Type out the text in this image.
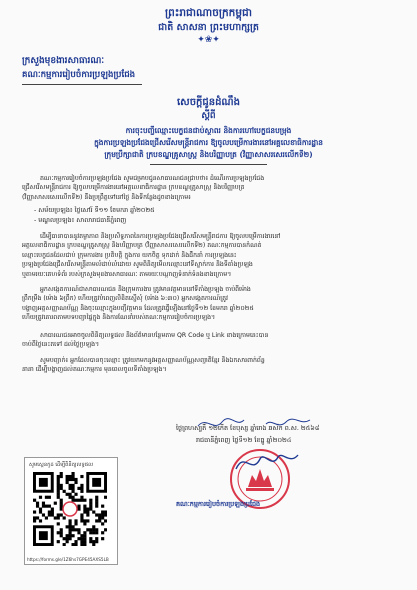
ព្រះរាជាណាចក្រកម្ពុជា
ជាតិ សាសនា ព្រះមហាក្សត្រ
✦❀✦
ក្រសួងមុខងារសាធារណៈ
គណៈកម្មការរៀបចំការប្រឡងប្រជែង
សេចក្តីជូនដំណឹង
ស្តីពី
ការចុះបញ្ជីឈ្មោះបេក្ខជនជាប់ស្ថាពរ និងការហៅបេក្ខជនបម្រុង
ក្នុងការប្រឡងប្រជែងជ្រើសរើសមន្ត្រីរាជការ ឱ្យចូលបម្រើការងារនៅអគ្គលេខាធិការដ្ឋាន
ក្រុមប្រឹក្សាជាតិ ក្របខណ្ឌគ្រូសាស្ត្រ និងបរិញ្ញាបត្រ (វិញ្ញាសាសរសេរលើកទី២)

គណៈកម្មការរៀបចំការប្រឡងប្រជែង សូមជម្រាបជូនសាធារណជនជ្រាបថា៖ ដំណើរការប្រឡងប្រជែង

ជ្រើសរើសមន្ត្រីរាជការ ឱ្យចូលបម្រើការងារនៅអគ្គលេខាធិការដ្ឋាន ក្របខណ្ឌគ្រូសាស្ត្រ និងបរិញ្ញាបត្រ

(វិញ្ញាសាសរសេរលើកទី២) នឹងប្រព្រឹត្តទៅនៅថ្ងៃ និងទីកន្លែងដូចខាងក្រោម៖

- សម័យប្រឡង៖ ថ្ងៃសៅរ៍ ទី១១ ខែមករា ឆ្នាំ២០២៥
- មណ្ឌលប្រឡង៖ សាលារាជធានីភ្នំពេញ

ដើម្បីធានាបាននូវតម្លាភាព និងប្រសិទ្ធភាពនៃការប្រឡងប្រជែងជ្រើសរើសមន្ត្រីរាជការ ឱ្យចូលបម្រើការងារនៅ

អគ្គលេខាធិការដ្ឋាន ក្របខណ្ឌគ្រូសាស្ត្រ និងបរិញ្ញាបត្រ (វិញ្ញាសាសរសេរលើកទី២) គណៈកម្មការបានកំណត់

ឈ្មោះបេក្ខជនដែលជាប់ ក្រុមការងារ ប្រតិបត្តិ ក្នុងការ យកចិត្ត ទុកដាក់ និងដឹកនាំ ការប្រឡងនេះ

ប្រឡងប្រជែងជ្រើសរើសមន្ត្រីតាមលំដាប់លំដោយ សូមពិនិត្យមើលឈ្មោះនៅទីស្នាក់ការ និងទីតាំងប្រឡង

ឬតាមរយៈគេហទំព័រ របស់ក្រសួងមុខងារសាធារណៈ តាមរយៈបណ្តាញទំនាក់ទំនងខាងក្រោម។

អ្នកសង្កេតការណ៍ជាសាធារណជន និងក្រុមការងារ ត្រូវមានវត្តមាននៅទីតាំងប្រឡង ចាប់ពីម៉ោង

ព្រឹកម្រឹង (ម៉ោង ៦ព្រឹក) ហើយត្រូវបំពេញលិខិតស្នើសុំ (ម៉ោង ៦:៣០) អ្នកសង្កេតការណ៍ត្រូវ

បង្ហាញអត្តសញ្ញាណប័ណ្ណ និងចុះឈ្មោះក្នុងបញ្ជីវត្តមាន ដែលត្រូវធ្វើឡើងនៅថ្ងៃទី១២ ខែមករា ឆ្នាំ២០២៥

ហើយត្រូវគោរពតាមបទបញ្ជាផ្ទៃក្នុង និងការណែនាំរបស់គណៈកម្មការរៀបចំការប្រឡង។

សាធារណជនអាចចូលពិនិត្យលទ្ធផល និងព័ត៌មានបន្ថែមតាម QR Code ឬ Link ខាងក្រោមនេះបាន

ចាប់ពីថ្ងៃនេះតទៅ ដល់ថ្ងៃប្រឡង។

សូមបញ្ជាក់៖ អ្នកដែលបានចុះឈ្មោះ ត្រូវយកមកនូវអត្តសញ្ញាណប័ណ្ណសញ្ជាតិខ្មែរ និងឯកសារពាក់ព័ន្ធ

នានា ដើម្បីបង្ហាញដល់គណៈកម្មការ មុនពេលចូលទីតាំងប្រឡង។

ថ្ងៃព្រហស្បតិ៍ ១២កើត ខែបុស្ស ឆ្នាំរោង ឆស័ក ព.ស. ២៥៦៨
រាជធានីភ្នំពេញ ថ្ងៃទី១២ ខែធ្នូ ឆ្នាំ២០២៤
គណៈកម្មការរៀបចំការប្រឡងប្រជែង
សូមស្កេនកូដ ដើម្បីពិនិត្យលទ្ធផល
https://forms.gle/1Z6hs7GPE45AXS5LB
